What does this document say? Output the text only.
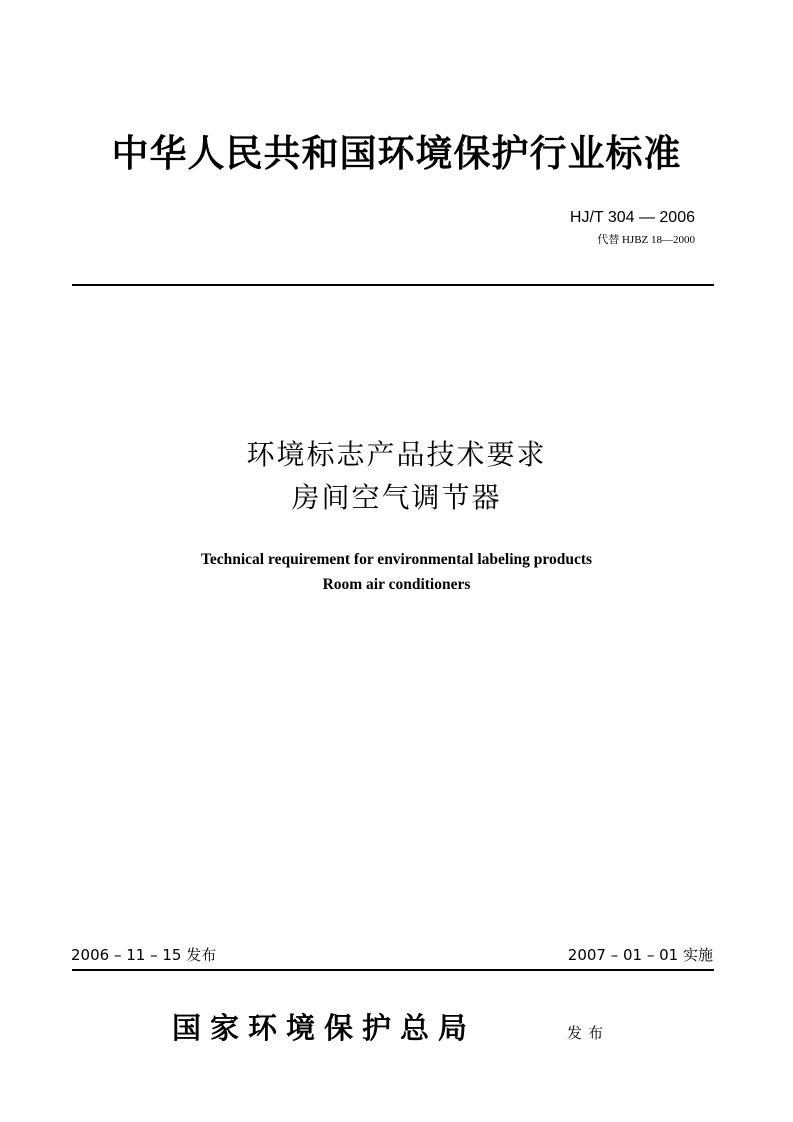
中华人民共和国环境保护行业标准
HJ/T 304 — 2006
代替 HJBZ 18—2000
环境标志产品技术要求
房间空气调节器
Technical requirement for environmental labeling products
Room air conditioners
2006 – 11 – 15 发布	2007 – 01 – 01 实施
国家环境保护总局	发布
